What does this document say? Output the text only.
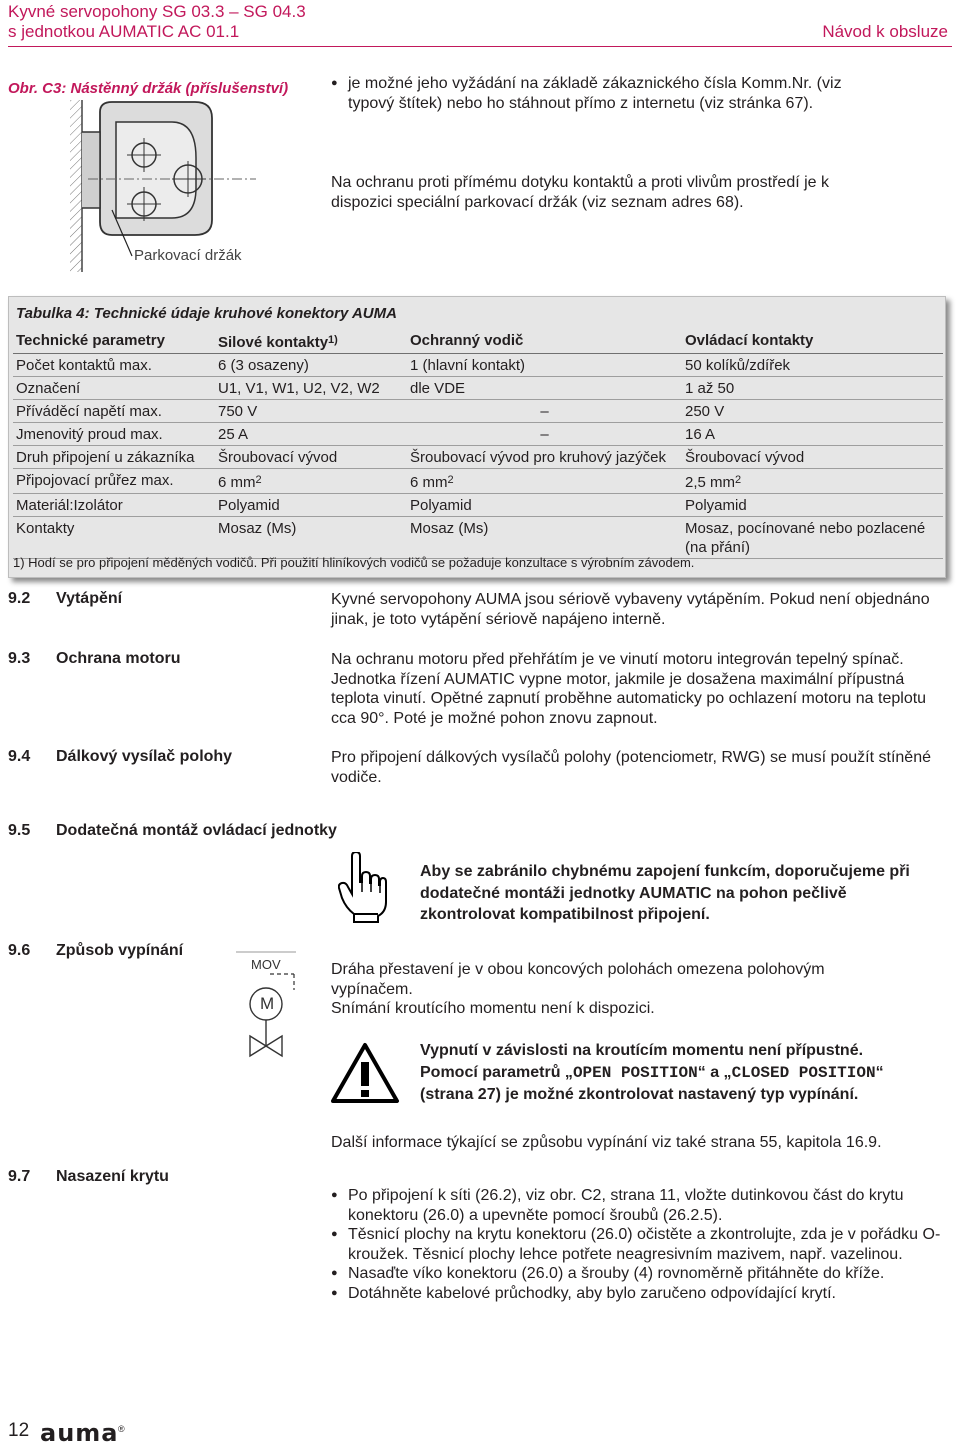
Kyvné servopohony SG 03.3 – SG 04.3
s jednotkou AUMATIC AC 01.1	Návod k obsluze
Obr. C3: Nástěnný držák (příslušenství)
Parkovací držák
● je možné jeho vyžádání na základě zákaznického čísla Komm.Nr. (viz typový štítek) nebo ho stáhnout přímo z internetu (viz stránka 67).
Na ochranu proti přímému dotyku kontaktů a proti vlivům prostředí je k dispozici speciální parkovací držák (viz seznam adres 68).
Tabulka 4: Technické údaje kruhové konektory AUMA
Technické parametry	Silové kontakty$^{1)}$	Ochranný vodič	Ovládací kontakty
Počet kontaktů max.	6 (3 osazeny)	1 (hlavní kontakt)	50 kolíků/zdířek
Označení	U1, V1, W1, U2, V2, W2	dle VDE	1 až 50
Příváděcí napětí max.	750 V	–	250 V
Jmenovitý proud max.	25 A	–	16 A
Druh připojení u zákazníka	Šroubovací vývod	Šroubovací vývod pro kruhový jazýček	Šroubovací vývod
Připojovací průřez max.	6 $mm^2$	6 $mm^2$	2,5 $mm^2$
Materiál:Izolátor	Polyamid	Polyamid	Polyamid
Kontakty	Mosaz (Ms)	Mosaz (Ms)	Mosaz, pocínované nebo pozlacené (na přání)
1) Hodí se pro připojení měděných vodičů. Při použití hliníkových vodičů se požaduje konzultace s výrobním závodem.
9.2 Vytápění	Kyvné servopohony AUMA jsou sériově vybaveny vytápěním. Pokud není objednáno jinak, je toto vytápění sériově napájeno interně.
9.3 Ochrana motoru	Na ochranu motoru před přehřátím je ve vinutí motoru integrován tepelný spínač. Jednotka řízení AUMATIC vypne motor, jakmile je dosažena maximální přípustná teplota vinutí. Opětné zapnutí proběhne automaticky po ochlazení motoru na teplotu cca 90°. Poté je možné pohon znovu zapnout.
9.4 Dálkový vysílač polohy	Pro připojení dálkových vysílačů polohy (potenciometr, RWG) se musí použít stíněné vodiče.
9.5 Dodatečná montáž ovládací jednotky
Aby se zabránilo chybnému zapojení funkcím, doporučujeme při dodatečné montáži jednotky AUMATIC na pohon pečlivě zkontrolovat kompatibilnost připojení.
9.6 Způsob vypínání
MOV
M
Dráha přestavení je v obou koncových polohách omezena polohovým vypínačem.
Snímání kroutícího momentu není k dispozici.
Vypnutí v závislosti na kroutícím momentu není přípustné.
Pomocí parametrů „OPEN POSITION“ a „CLOSED POSITION“ (strana 27) je možné zkontrolovat nastavený typ vypínání.
Další informace týkající se způsobu vypínání viz také strana 55, kapitola 16.9.
9.7 Nasazení krytu
● Po připojení k síti (26.2), viz obr. C2, strana 11, vložte dutinkovou část do krytu konektoru (26.0) a upevněte pomocí šroubů (26.2.5).
● Těsnicí plochy na krytu konektoru (26.0) očistěte a zkontrolujte, zda je v pořádku O-kroužek. Těsnicí plochy lehce potřete neagresivním mazivem, např. vazelinou.
● Nasaďte víko konektoru (26.0) a šrouby (4) rovnoměrně přitáhněte do kříže.
● Dotáhněte kabelové průchodky, aby bylo zaručeno odpovídající krytí.
12 auma ®
